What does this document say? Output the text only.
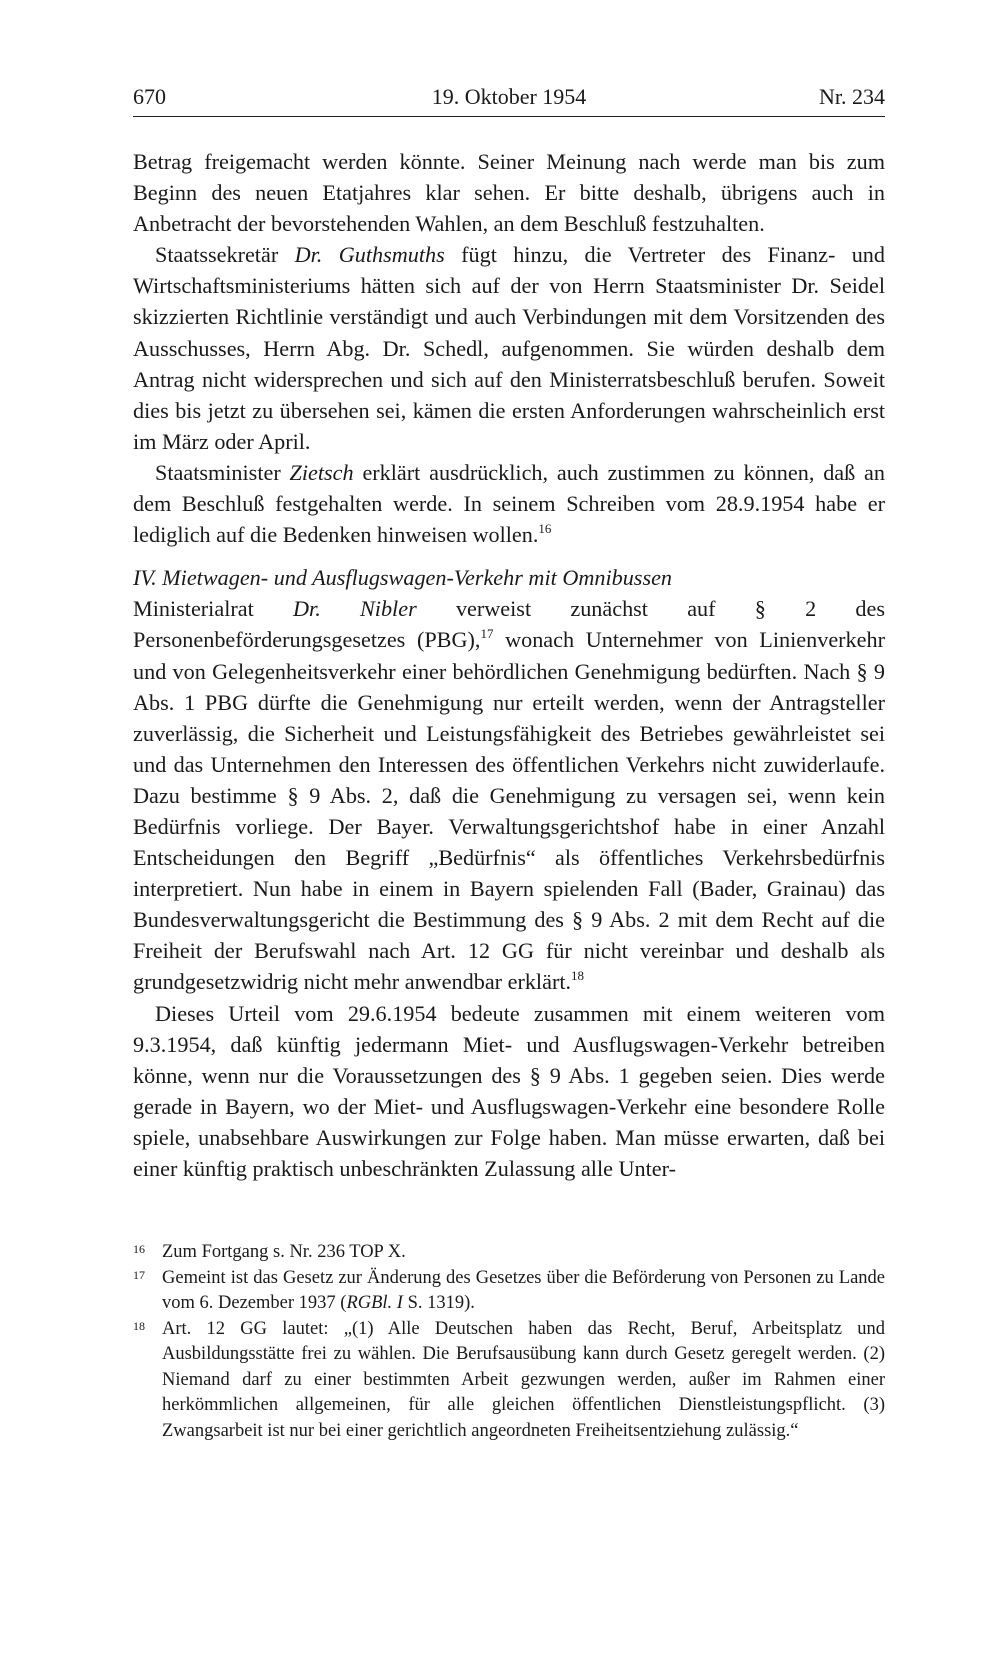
670	19. Oktober 1954	Nr. 234

Betrag freigemacht werden könnte. Seiner Meinung nach werde man bis zum Beginn des neuen Etatjahres klar sehen. Er bitte deshalb, übrigens auch in Anbetracht der bevorstehenden Wahlen, an dem Beschluß festzuhalten.

Staatssekretär Dr. Guthsmuths fügt hinzu, die Vertreter des Finanz- und Wirtschaftsministeriums hätten sich auf der von Herrn Staatsminister Dr. Seidel skizzierten Richtlinie verständigt und auch Verbindungen mit dem Vorsitzenden des Ausschusses, Herrn Abg. Dr. Schedl, aufgenommen. Sie würden deshalb dem Antrag nicht widersprechen und sich auf den Ministerratsbeschluß berufen. Soweit dies bis jetzt zu übersehen sei, kämen die ersten Anforderungen wahrscheinlich erst im März oder April.

Staatsminister Zietsch erklärt ausdrücklich, auch zustimmen zu können, daß an dem Beschluß festgehalten werde. In seinem Schreiben vom 28.9.1954 habe er lediglich auf die Bedenken hinweisen wollen.$^{16}$

IV. Mietwagen- und Ausflugswagen-Verkehr mit Omnibussen

Ministerialrat Dr. Nibler verweist zunächst auf § 2 des Personenbeförderungsgesetzes (PBG),$^{17}$ wonach Unternehmer von Linienverkehr und von Gelegenheitsverkehr einer behördlichen Genehmigung bedürften. Nach § 9 Abs. 1 PBG dürfte die Genehmigung nur erteilt werden, wenn der Antragsteller zuverlässig, die Sicherheit und Leistungsfähigkeit des Betriebes gewährleistet sei und das Unternehmen den Interessen des öffentlichen Verkehrs nicht zuwiderlaufe. Dazu bestimme § 9 Abs. 2, daß die Genehmigung zu versagen sei, wenn kein Bedürfnis vorliege. Der Bayer. Verwaltungsgerichtshof habe in einer Anzahl Entscheidungen den Begriff „Bedürfnis“ als öffentliches Verkehrsbedürfnis interpretiert. Nun habe in einem in Bayern spielenden Fall (Bader, Grainau) das Bundesverwaltungsgericht die Bestimmung des § 9 Abs. 2 mit dem Recht auf die Freiheit der Berufswahl nach Art. 12 GG für nicht vereinbar und deshalb als grundgesetzwidrig nicht mehr anwendbar erklärt.$^{18}$

Dieses Urteil vom 29.6.1954 bedeute zusammen mit einem weiteren vom 9.3.1954, daß künftig jedermann Miet- und Ausflugswagen-Verkehr betreiben könne, wenn nur die Voraussetzungen des § 9 Abs. 1 gegeben seien. Dies werde gerade in Bayern, wo der Miet- und Ausflugswagen-Verkehr eine besondere Rolle spiele, unabsehbare Auswirkungen zur Folge haben. Man müsse erwarten, daß bei einer künftig praktisch unbeschränkten Zulassung alle Unter-

16 Zum Fortgang s. Nr. 236 TOP X.

17 Gemeint ist das Gesetz zur Änderung des Gesetzes über die Beförderung von Personen zu Lande vom 6. Dezember 1937 (RGBl. I S. 1319).

18 Art. 12 GG lautet: „(1) Alle Deutschen haben das Recht, Beruf, Arbeitsplatz und Ausbildungsstätte frei zu wählen. Die Berufsausübung kann durch Gesetz geregelt werden. (2) Niemand darf zu einer bestimmten Arbeit gezwungen werden, außer im Rahmen einer herkömmlichen allgemeinen, für alle gleichen öffentlichen Dienstleistungspflicht. (3) Zwangsarbeit ist nur bei einer gerichtlich angeordneten Freiheitsentziehung zulässig.“
